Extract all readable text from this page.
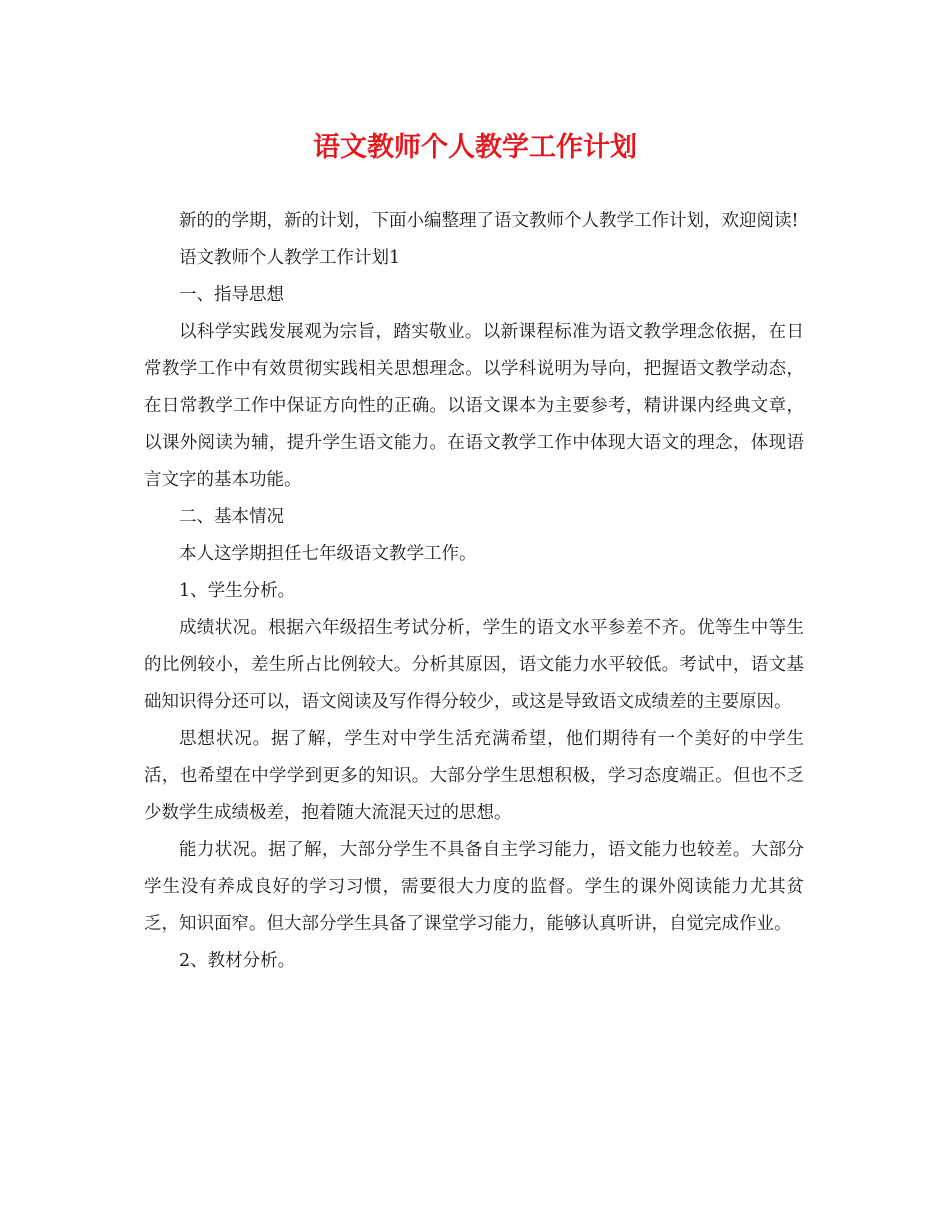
语文教师个人教学工作计划

新的的学期，新的计划，下面小编整理了语文教师个人教学工作计划，欢迎阅读!

语文教师个人教学工作计划1

一、指导思想

以科学实践发展观为宗旨，踏实敬业。以新课程标准为语文教学理念依据，在日常教学工作中有效贯彻实践相关思想理念。以学科说明为导向，把握语文教学动态，在日常教学工作中保证方向性的正确。以语文课本为主要参考，精讲课内经典文章，以课外阅读为辅，提升学生语文能力。在语文教学工作中体现大语文的理念，体现语言文字的基本功能。

二、基本情况

本人这学期担任七年级语文教学工作。

1、学生分析。

成绩状况。根据六年级招生考试分析，学生的语文水平参差不齐。优等生中等生的比例较小，差生所占比例较大。分析其原因，语文能力水平较低。考试中，语文基础知识得分还可以，语文阅读及写作得分较少，或这是导致语文成绩差的主要原因。

思想状况。据了解，学生对中学生活充满希望，他们期待有一个美好的中学生活，也希望在中学学到更多的知识。大部分学生思想积极，学习态度端正。但也不乏少数学生成绩极差，抱着随大流混天过的思想。

能力状况。据了解，大部分学生不具备自主学习能力，语文能力也较差。大部分学生没有养成良好的学习习惯，需要很大力度的监督。学生的课外阅读能力尤其贫乏，知识面窄。但大部分学生具备了课堂学习能力，能够认真听讲，自觉完成作业。

2、教材分析。
